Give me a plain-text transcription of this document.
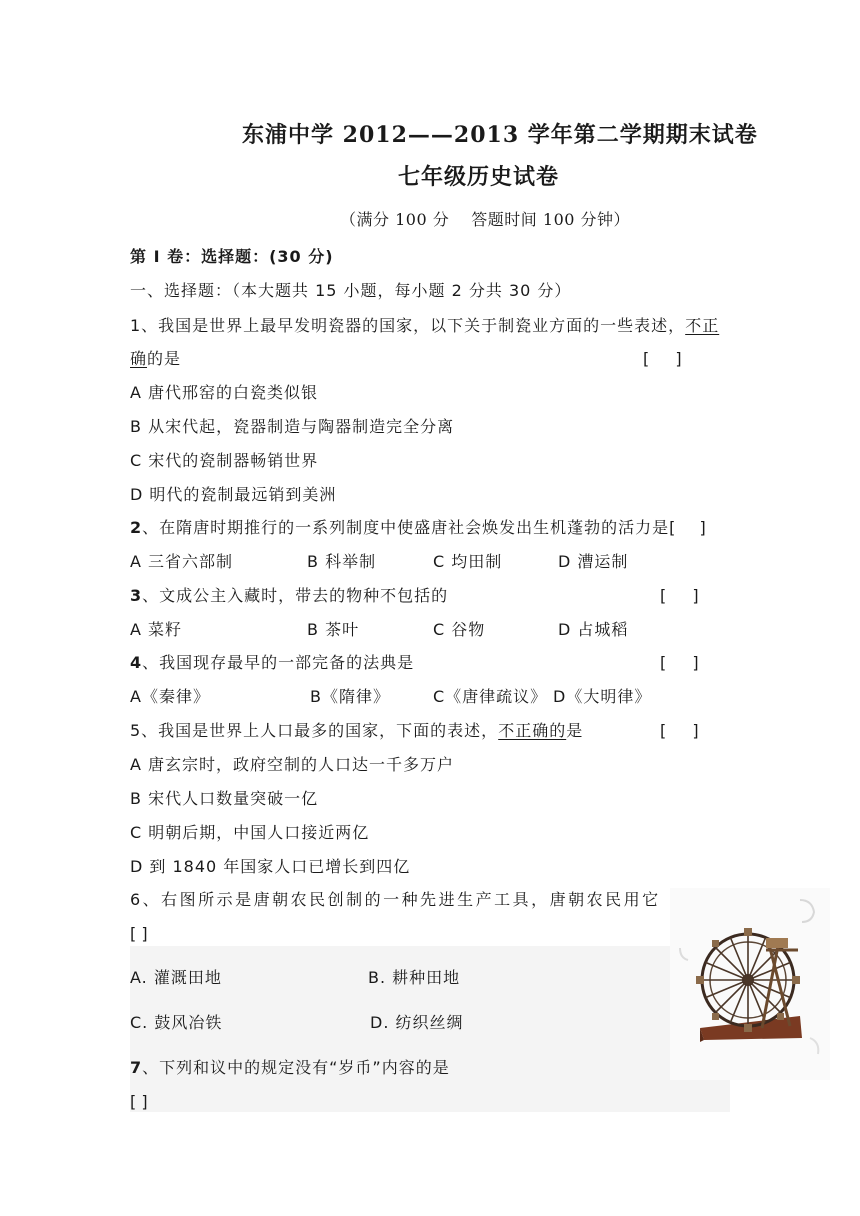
东浦中学 2012——2013 学年第二学期期末试卷
七年级历史试卷
（满分 100 分　 答题时间 100 分钟）
第 I 卷：选择题：(30 分)
一、选择题：（本大题共 15 小题，每小题 2 分共 30 分）
1、我国是世界上最早发明瓷器的国家，以下关于制瓷业方面的一些表述，不正
确的是	[ 　 ]
A 唐代邢窑的白瓷类似银
B 从宋代起，瓷器制造与陶器制造完全分离
C 宋代的瓷制器畅销世界
D 明代的瓷制最远销到美洲
2、在隋唐时期推行的一系列制度中使盛唐社会焕发出生机蓬勃的活力是[　 ]
A 三省六部制	B 科举制	C 均田制	D 漕运制
3、文成公主入藏时，带去的物种不包括的	[ 　 ]
A 菜籽	B 茶叶	C 谷物	D 占城稻
4、我国现存最早的一部完备的法典是	[ 　 ]
A《秦律》	B《隋律》	C《唐律疏议》 D《大明律》
5、我国是世界上人口最多的国家，下面的表述，不正确的是	[ 　 ]
A 唐玄宗时，政府空制的人口达一千多万户
B 宋代人口数量突破一亿
C 明朝后期，中国人口接近两亿
D 到 1840 年国家人口已增长到四亿
6、右图所示是唐朝农民创制的一种先进生产工具，唐朝农民用它
[ ]
A. 灌溉田地	B. 耕种田地
C. 鼓风冶铁	D. 纺织丝绸
7、下列和议中的规定没有“岁币”内容的是
[ ]
